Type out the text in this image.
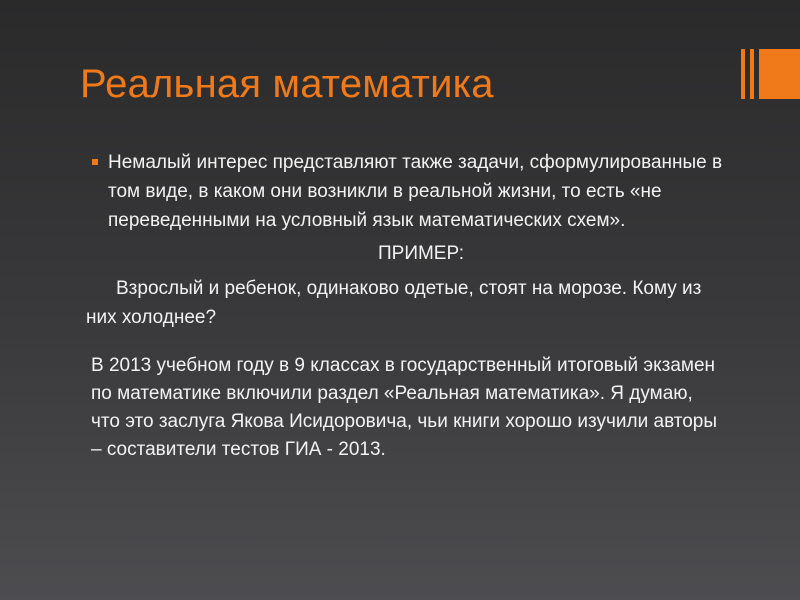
Реальная математика
Немалый интерес представляют также задачи, сформулированные в том виде, в каком они возникли в реальной жизни, то есть «не переведенными на условный язык математических схем».
ПРИМЕР:
Взрослый и ребенок, одинаково одетые, стоят на морозе. Кому из них холоднее?
В 2013 учебном году в 9 классах в государственный итоговый экзамен по математике включили раздел «Реальная математика». Я думаю, что это заслуга Якова Исидоровича, чьи книги хорошо изучили авторы – составители тестов ГИА - 2013.
